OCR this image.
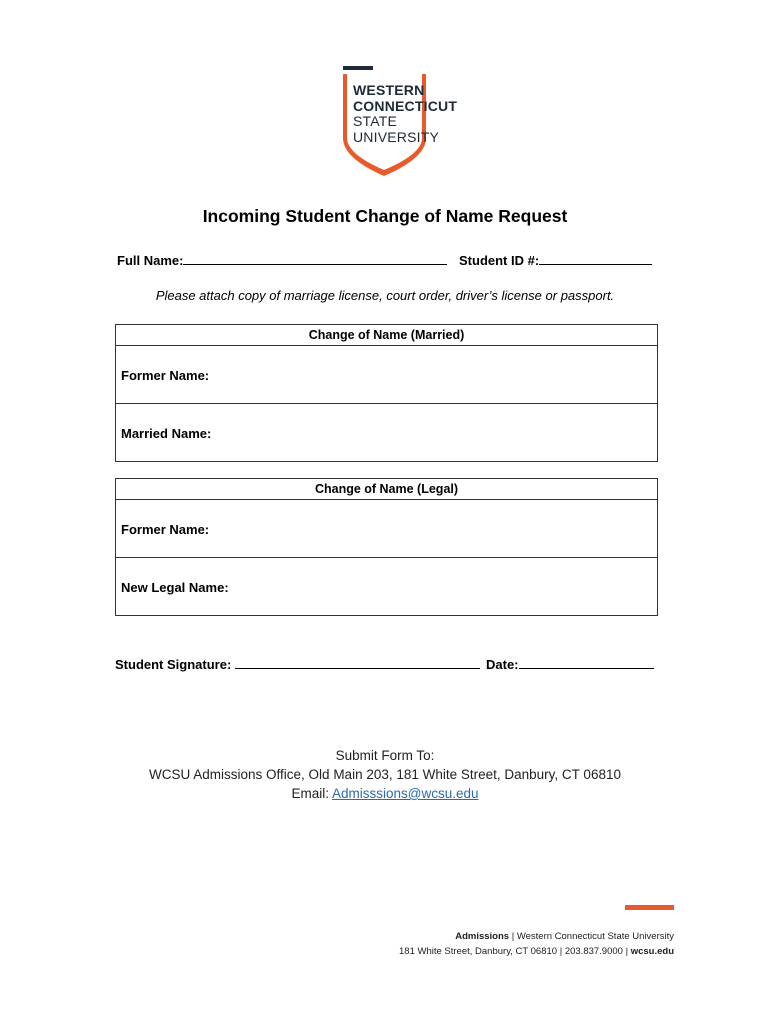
WESTERN
CONNECTICUT
STATE
UNIVERSITY
Incoming Student Change of Name Request
Full Name:	Student ID #:
Please attach copy of marriage license, court order, driver’s license or passport.
Change of Name (Married)
Former Name:
Married Name:
Change of Name (Legal)
Former Name:
New Legal Name:
Student Signature:	Date:
Submit Form To:
WCSU Admissions Office, Old Main 203, 181 White Street, Danbury, CT 06810
Email: Admisssions@wcsu.edu
Admissions | Western Connecticut State University
181 White Street, Danbury, CT 06810 | 203.837.9000 | wcsu.edu
